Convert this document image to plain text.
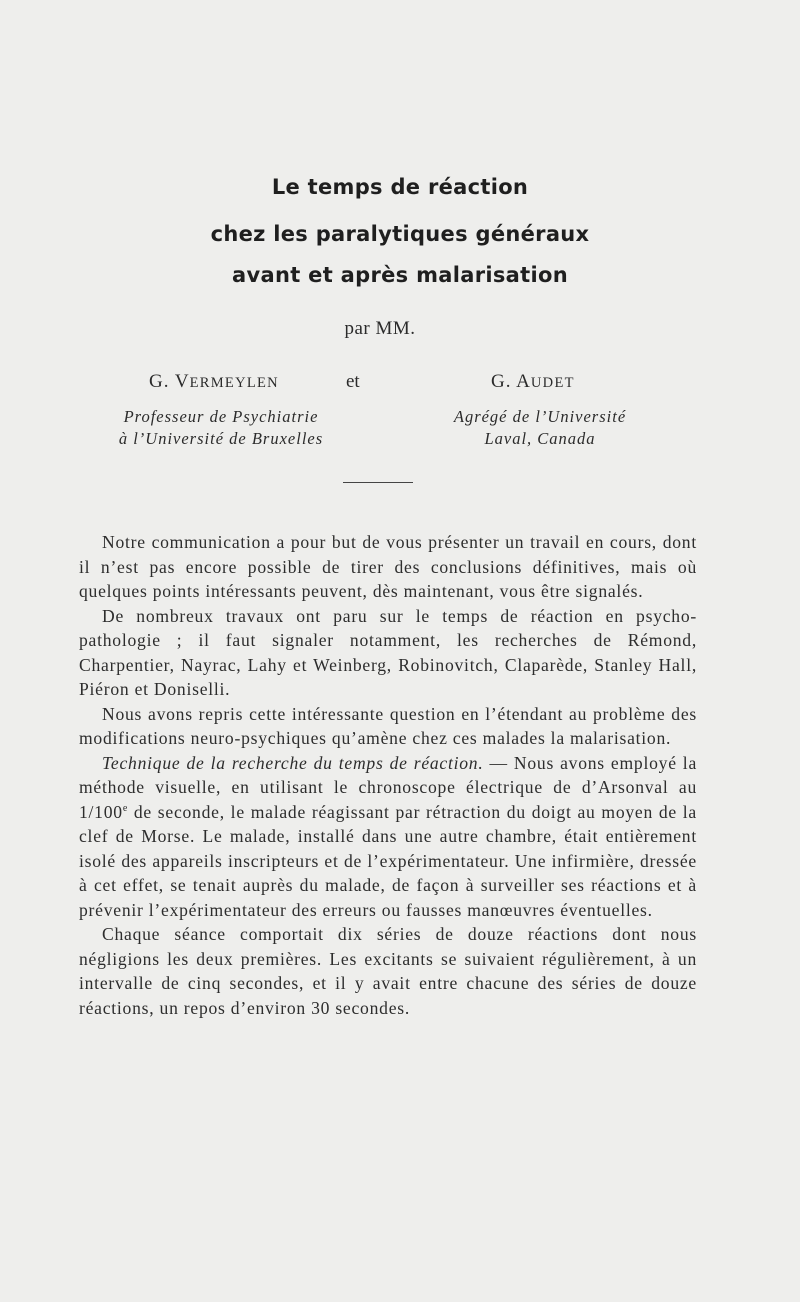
Le temps de réaction
chez les paralytiques généraux
avant et après malarisation
par MM.
G. VERMEYLEN	et	G. AUDET
Professeur de Psychiatrie
à l’Université de Bruxelles
Agrégé de l’Université
Laval, Canada

Notre communication a pour but de vous présenter un travail en cours, dont il n’est pas encore possible de tirer des conclusions définitives, mais où quelques points intéressants peuvent, dès maintenant, vous être signalés.

De nombreux travaux ont paru sur le temps de réaction en psycho-pathologie ; il faut signaler notamment, les recherches de Rémond, Charpentier, Nayrac, Lahy et Weinberg, Robinovitch, Claparède, Stanley Hall, Piéron et Doniselli.

Nous avons repris cette intéressante question en l’étendant au problème des modifications neuro-psychiques qu’amène chez ces malades la malarisation.

Technique de la recherche du temps de réaction. — Nous avons employé la méthode visuelle, en utilisant le chronoscope électrique de d’Arsonval au 1/100e de seconde, le malade réagissant par rétraction du doigt au moyen de la clef de Morse. Le malade, installé dans une autre chambre, était entièrement isolé des appareils inscripteurs et de l’expérimentateur. Une infirmière, dressée à cet effet, se tenait auprès du malade, de façon à surveiller ses réactions et à prévenir l’expérimentateur des erreurs ou fausses manœuvres éventuelles.

Chaque séance comportait dix séries de douze réactions dont nous négligions les deux premières. Les excitants se suivaient régulièrement, à un intervalle de cinq secondes, et il y avait entre chacune des séries de douze réactions, un repos d’environ 30 secondes.
